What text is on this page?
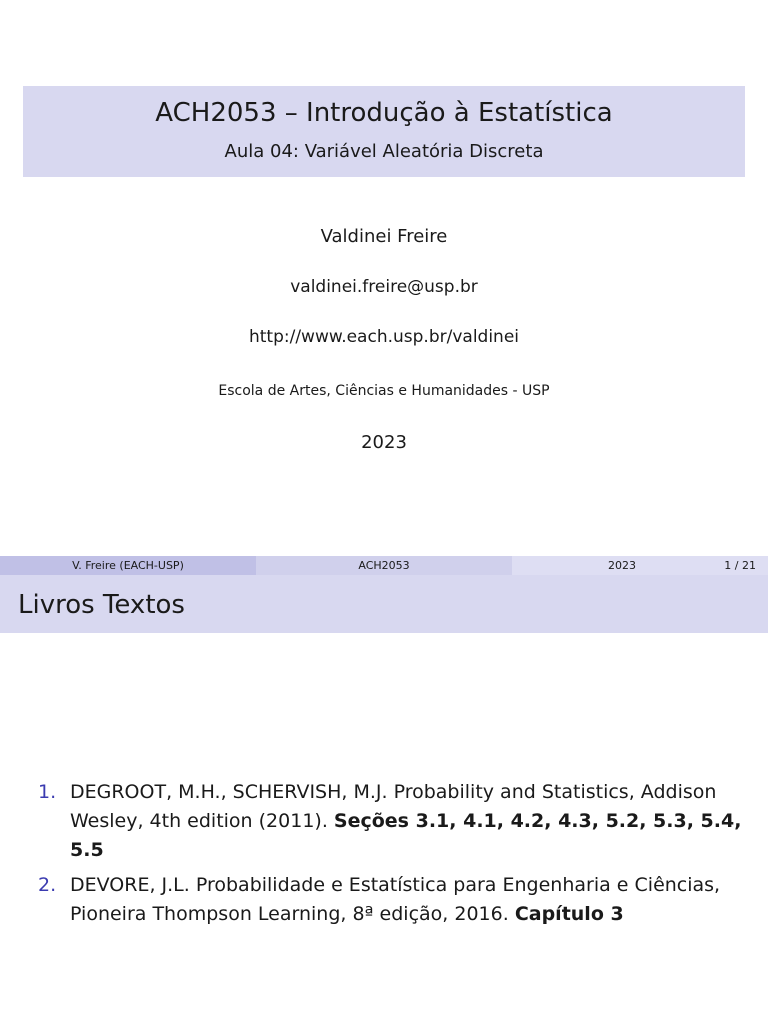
ACH2053 – Introdução à Estatística
Aula 04: Variável Aleatória Discreta
Valdinei Freire
valdinei.freire@usp.br
http://www.each.usp.br/valdinei
Escola de Artes, Ciências e Humanidades - USP
2023
V. Freire (EACH-USP)	ACH2053	2023	1 / 21
Livros Textos
1. DEGROOT, M.H., SCHERVISH, M.J. Probability and Statistics, Addison Wesley, 4th edition (2011). Seções 3.1, 4.1, 4.2, 4.3, 5.2, 5.3, 5.4, 5.5
2. DEVORE, J.L. Probabilidade e Estatística para Engenharia e Ciências, Pioneira Thompson Learning, 8ª edição, 2016. Capítulo 3
